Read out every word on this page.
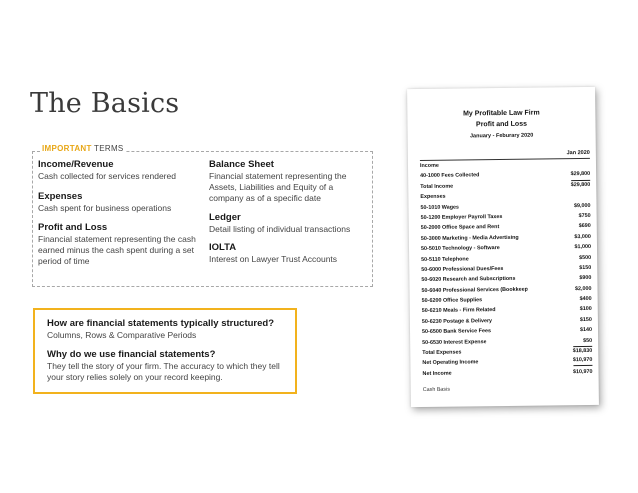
The Basics
IMPORTANT TERMS
Income/Revenue
Cash collected for services rendered
Expenses
Cash spent for business operations
Profit and Loss
Financial statement representing the cash earned minus the cash spent during a set period of time
Balance Sheet
Financial statement representing the Assets, Liabilities and Equity of a company as of a specific date
Ledger
Detail listing of individual transactions
IOLTA
Interest on Lawyer Trust Accounts
How are financial statements typically structured?
Columns, Rows & Comparative Periods
Why do we use financial statements?
They tell the story of your firm. The accuracy to which they tell your story relies solely on your record keeping.
My Profitable Law Firm
Profit and Loss
January - Feburary 2020
Jan 2020
Income
40-1000 Fees Collected	$29,800
Total Income	$29,800
Expenses
50-1010 Wages	$9,000
50-1200 Employer Payroll Taxes	$750
50-2000 Office Space and Rent	$690
50-3000 Marketing - Media Advertising	$3,000
50-5010 Technology - Software	$1,000
50-5110 Telephone	$500
50-6000 Professional Dues/Fees	$150
50-6020 Research and Subscriptions	$900
50-6040 Professional Services (Bookkeep	$2,000
50-6200 Office Supplies	$400
50-6210 Meals - Firm Related	$100
50-6230 Postage & Delivery	$150
50-6500 Bank Service Fees	$140
50-6530 Interest Expense	$50
Total Expenses	$18,830
Net Operating Income	$10,970
Net Income	$10,970
Cash Basis
